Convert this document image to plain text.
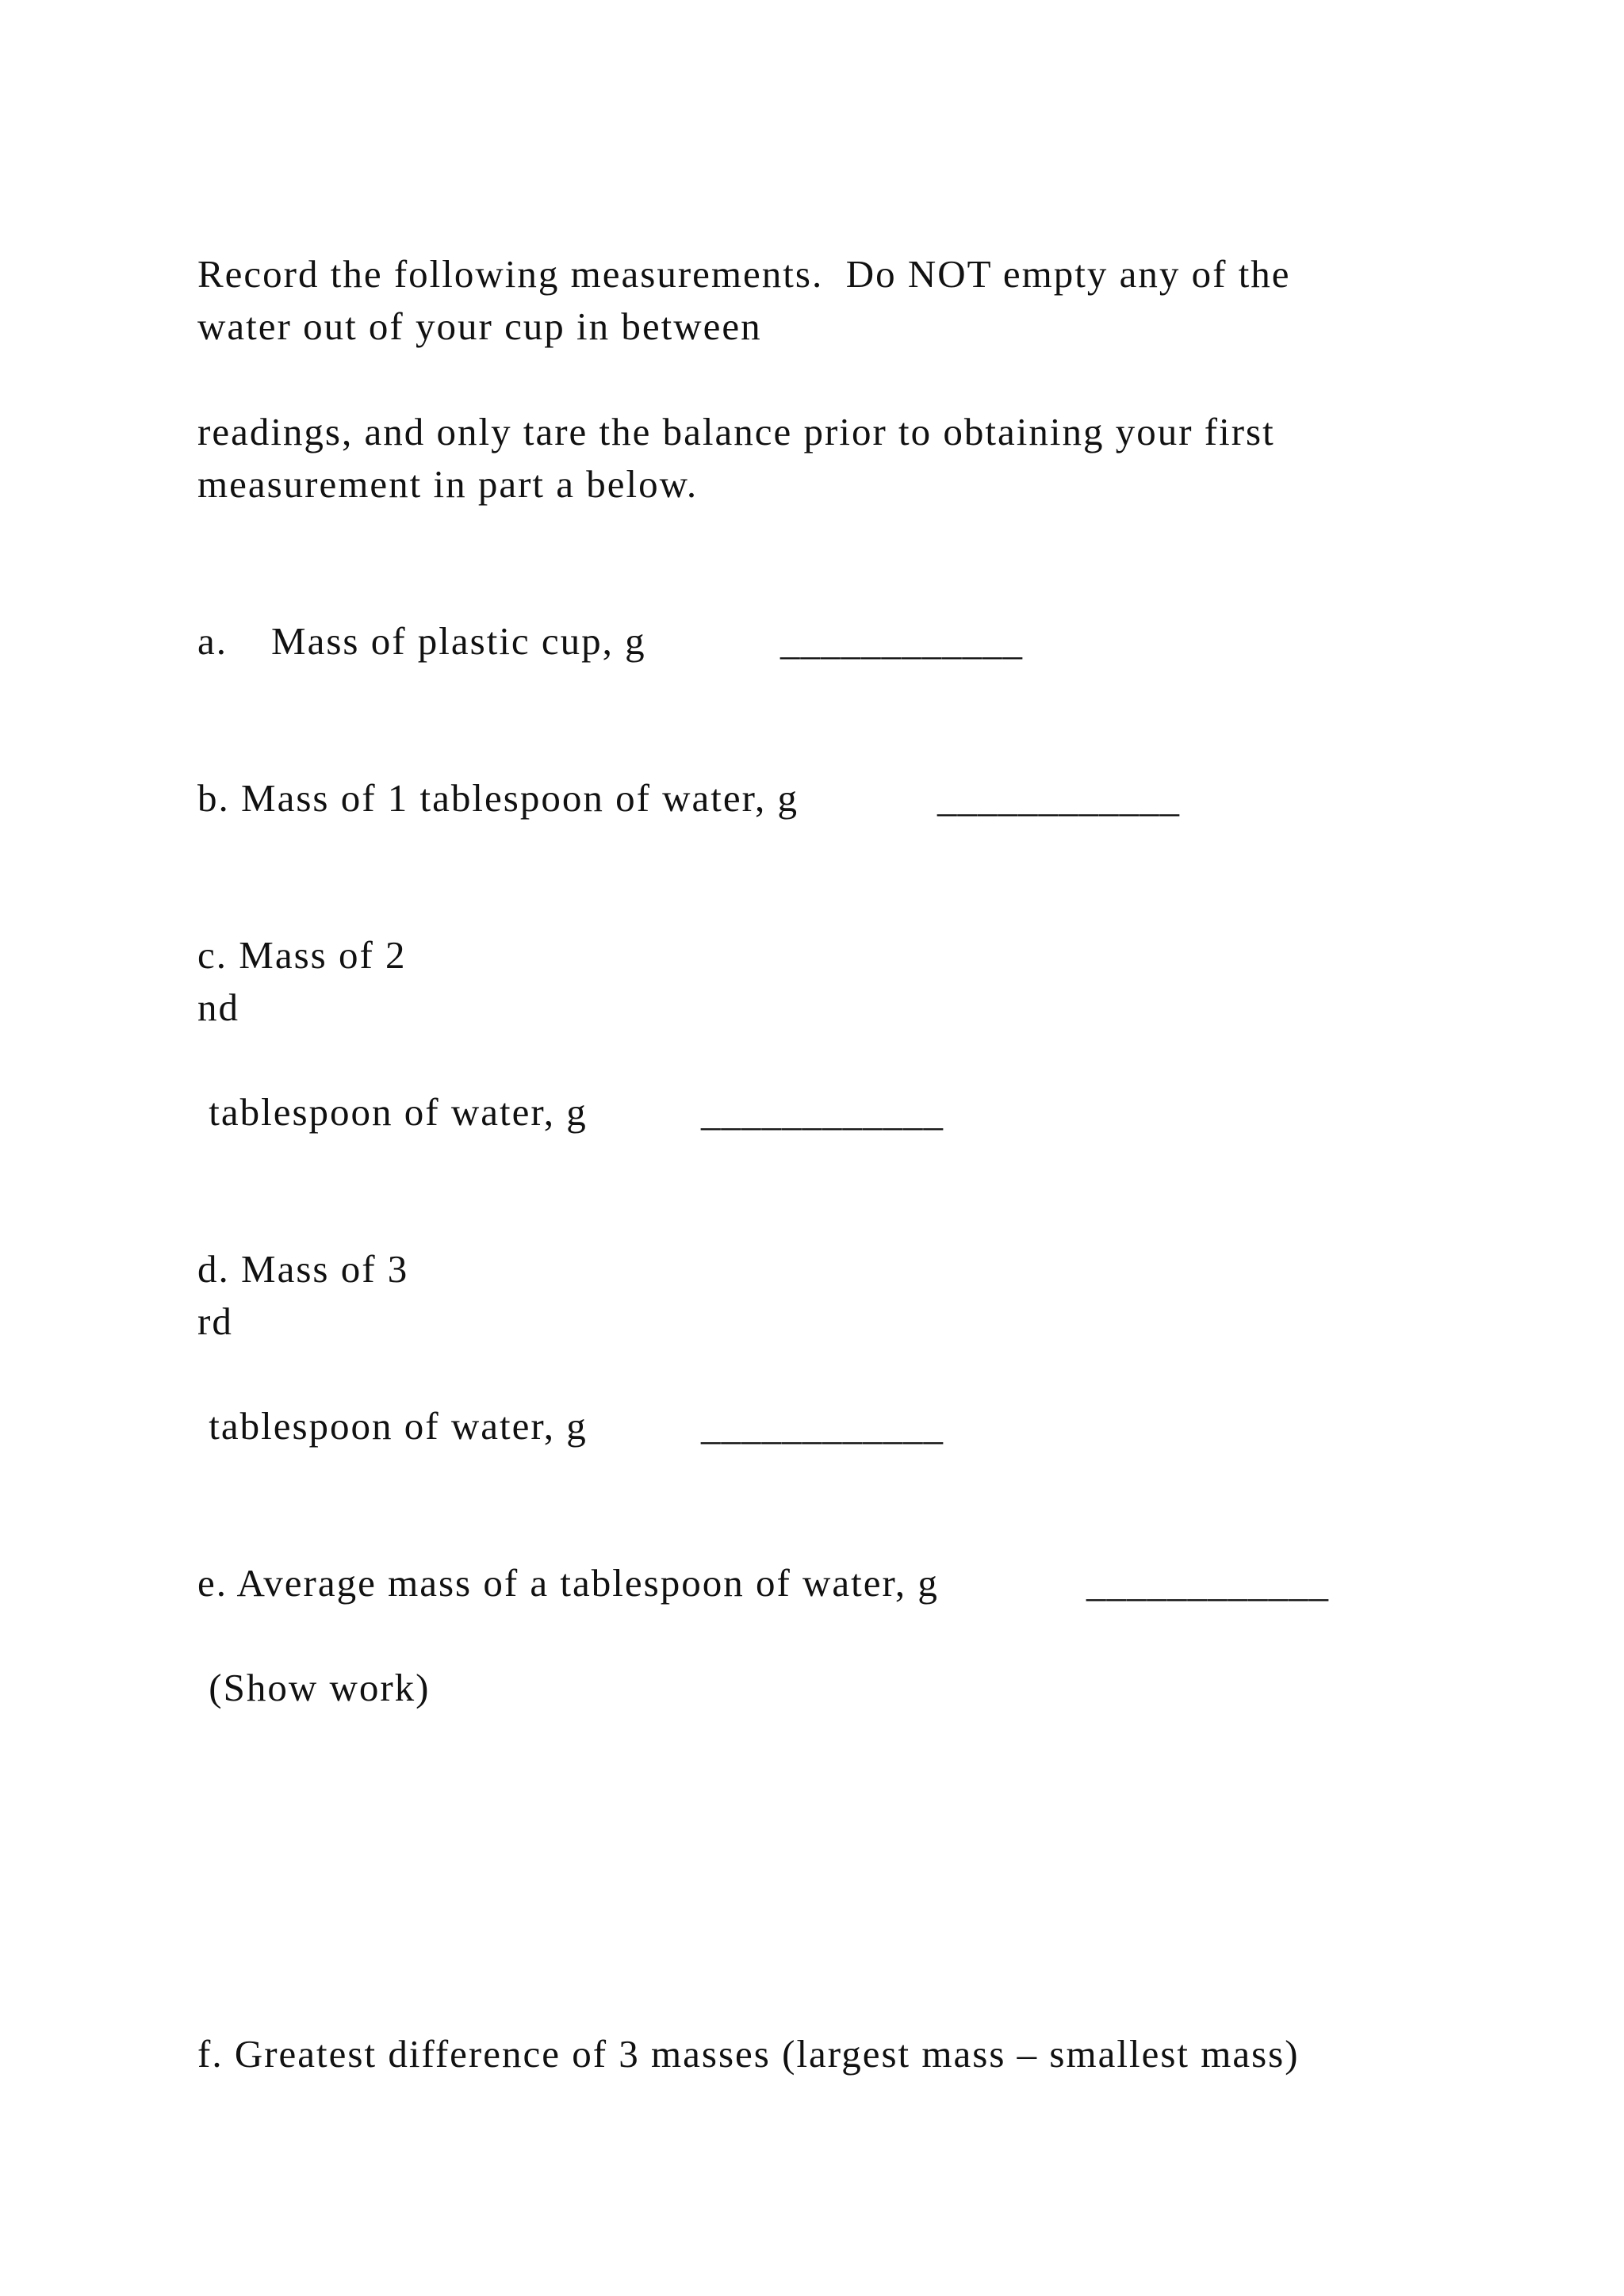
Record the following measurements.  Do NOT empty any of the
water out of your cup in between
readings, and only tare the balance prior to obtaining your first
measurement in part a below.
a. Mass of plastic cup, g	____________
b. Mass of 1 tablespoon of water, g	____________
c. Mass of 2
nd
tablespoon of water, g	____________
d. Mass of 3
rd
tablespoon of water, g	____________
e. Average mass of a tablespoon of water, g	____________
(Show work)
f. Greatest difference of 3 masses (largest mass – smallest mass)
